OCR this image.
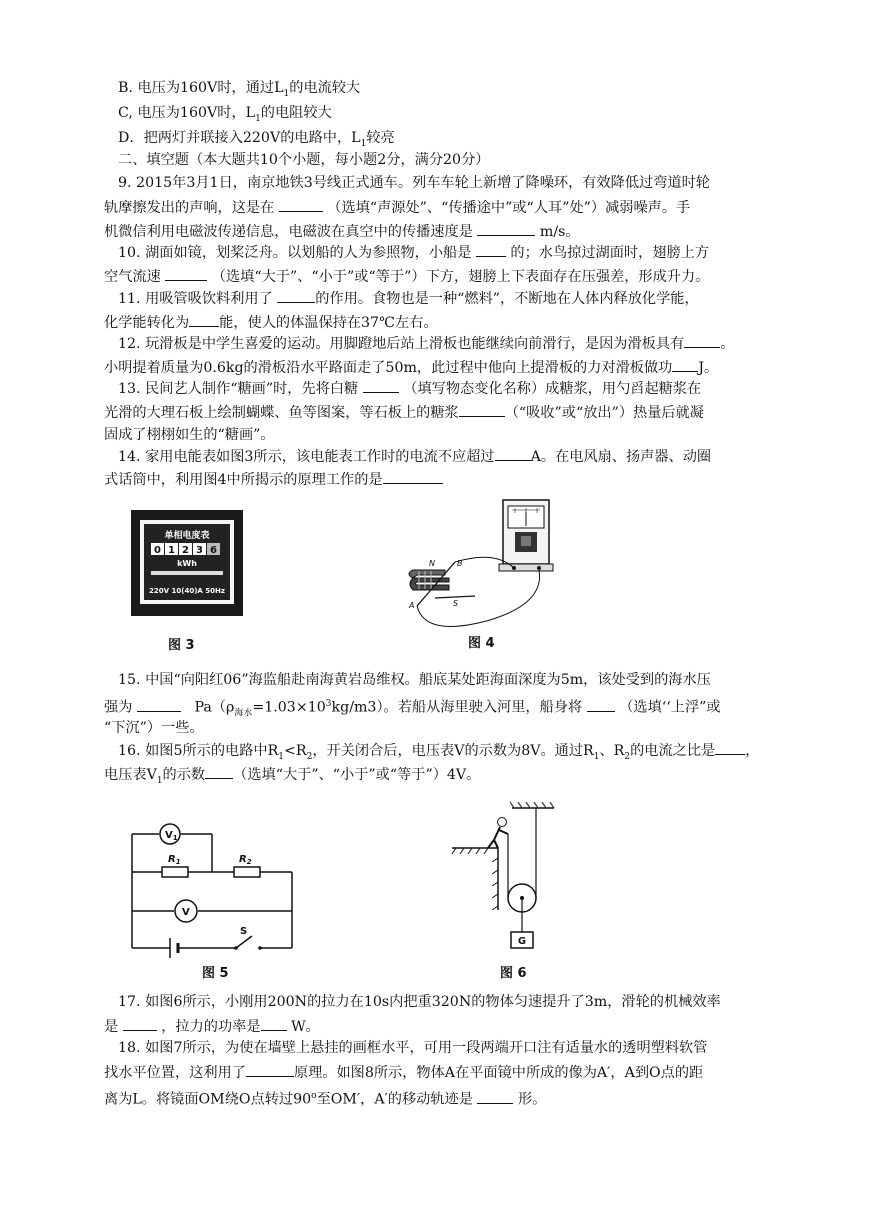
B. 电压为160V时，通过$L_1$的电流较大
C, 电压为160V时，$L_1$的电阻较大
D．把两灯并联接入220V的电路中，$L_1$较亮
二、填空题（本大题共10个小题，每小题2分，满分20分）
9. 2015年3月1日，南京地铁3号线正式通车。列车车轮上新增了降噪环，有效降低过弯道时轮
轨摩擦发出的声响，这是在	（选填“声源处”、“传播途中”或“人耳”处”）减弱噪声。手
机微信利用电磁波传递信息，电磁波在真空中的传播速度是	m/s。
10. 湖面如镜，划桨泛舟。以划船的人为参照物，小船是	的；水鸟掠过湖面时，翅膀上方
空气流速	（选填“大于”、“小于”或“等于”）下方，翅膀上下表面存在压强差，形成升力。
11. 用吸管吸饮料利用了	的作用。食物也是一种“燃料”，不断地在人体内释放化学能，
化学能转化为 能，使人的体温保持在37℃左右。
12. 玩滑板是中学生喜爱的运动。用脚蹬地后站上滑板也能继续向前滑行，是因为滑板具有	。
小明提着质量为0.6kg的滑板沿水平路面走了50m，此过程中他向上提滑板的力对滑板做功 J。
13. 民间艺人制作“糖画”时，先将白糖	（填写物态变化名称）成糖浆，用勺舀起糖浆在
光滑的大理石板上绘制蝴蝶、鱼等图案，等石板上的糖浆	（“吸收”或“放出”）热量后就凝
固成了栩栩如生的“糖画”。
14. 家用电能表如图3所示，该电能表工作时的电流不应超过	A。在电风扇、扬声器、动圈
式话筒中，利用图4中所揭示的原理工作的是
单相电度表
0 1 2 3 6
kWh
220V 10(40)A 50Hz
图 3
N
S
A
B
图 4
15. 中国“向阳红06”海监船赴南海黄岩岛维权。船底某处距海面深度为5m，该处受到的海水压
强为	$Pa(\rho_{海水}=1.03\times 10^3kg/m3)$。若船从海里驶入河里，船身将	（选填‘‘上浮”或
“下沉”）一些。
16. 如图5所示的电路中$R_1<R_2$，开关闭合后，电压表V的示数为8V。通过$R_1$、$R_2$的电流之比是 ，
电压表$V_1$的示数 （选填“大于”、“小于”或“等于”）4V。
$V_1$
$R_1$	$R_2$
V
S
图 5
G
图 6
17. 如图6所示，小刚用200N的拉力在10s内把重320N的物体匀速提升了3m，滑轮的机械效率
是	，拉力的功率是 W。
18. 如图7所示，为使在墙壁上悬挂的画框水平，可用一段两端开口注有适量水的透明塑料软管
找水平位置，这利用了	原理。如图8所示，物体A在平面镜中所成的像为A′，A到O点的距
离为L。将镜面OM绕O点转过90$^o$至OM′，A′的移动轨迹是	形。
